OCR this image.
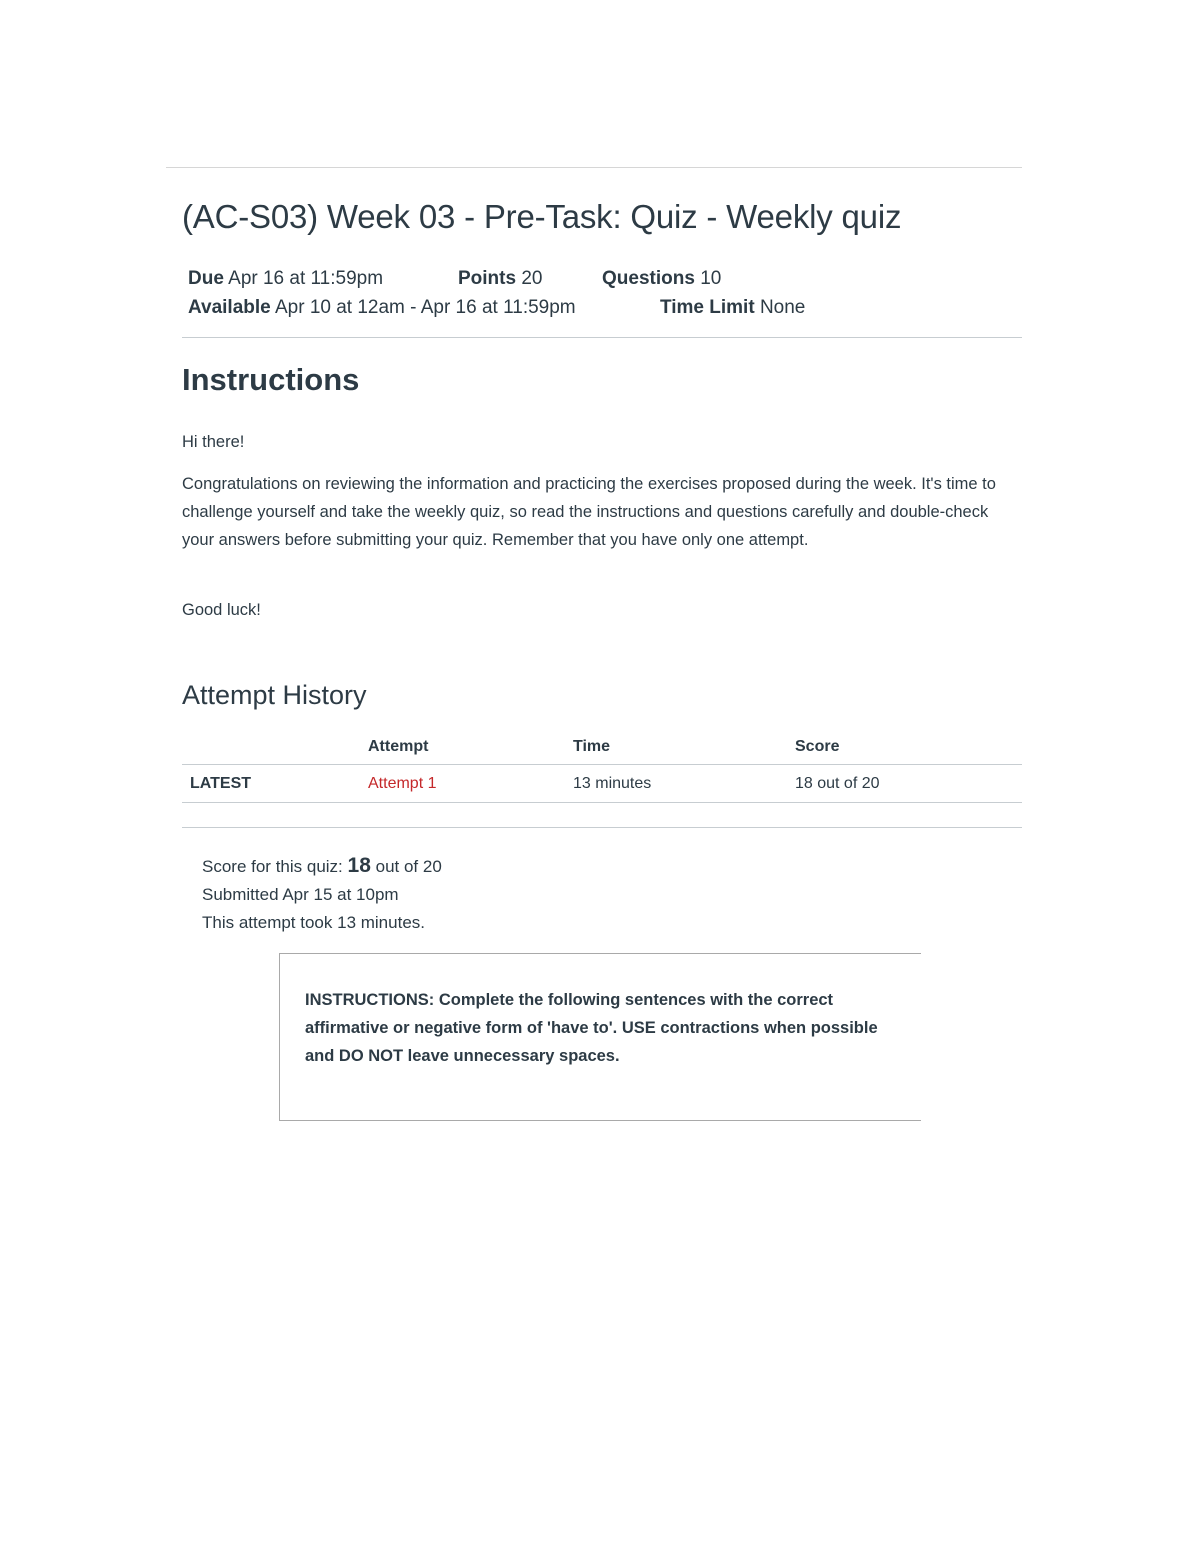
(AC-S03) Week 03 - Pre-Task: Quiz - Weekly quiz
Due Apr 16 at 11:59pm	Points 20	Questions 10
Available Apr 10 at 12am - Apr 16 at 11:59pm	Time Limit None
Instructions

Hi there!

Congratulations on reviewing the information and practicing the exercises proposed during the week. It's time to challenge yourself and take the weekly quiz, so read the instructions and questions carefully and double-check your answers before submitting your quiz. Remember that you have only one attempt.

Good luck!

Attempt History
	Attempt	Time	Score
LATEST	Attempt 1	13 minutes	18 out of 20
Score for this quiz: 18 out of 20
Submitted Apr 15 at 10pm
This attempt took 13 minutes.

INSTRUCTIONS: Complete the following sentences with the correct affirmative or negative form of 'have to'. USE contractions when possible and DO NOT leave unnecessary spaces.
